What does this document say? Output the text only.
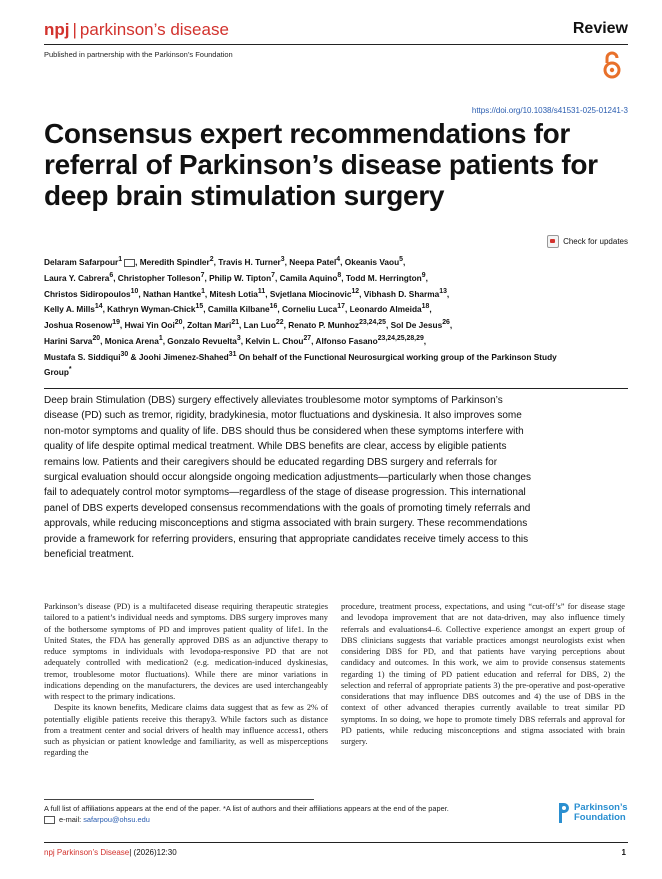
npj | parkinson’s disease	Review
Published in partnership with the Parkinson’s Foundation
https://doi.org/10.1038/s41531-025-01241-3
Consensus expert recommendations for referral of Parkinson’s disease patients for deep brain stimulation surgery
Check for updates
Delaram Safarpour$^1$ , Meredith Spindler$^2$, Travis H. Turner$^3$, Neepa Patel$^4$, Okeanis Vaou$^5$,
Laura Y. Cabrera$^6$, Christopher Tolleson$^7$, Philip W. Tipton$^7$, Camila Aquino$^8$, Todd M. Herrington$^9$,
Christos Sidiropoulos$^{10}$, Nathan Hantke$^1$, Mitesh Lotia$^{11}$, Svjetlana Miocinovic$^{12}$, Vibhash D. Sharma$^{13}$,
Kelly A. Mills$^{14}$, Kathryn Wyman-Chick$^{15}$, Camilla Kilbane$^{16}$, Corneliu Luca$^{17}$, Leonardo Almeida$^{18}$,
Joshua Rosenow$^{19}$, Hwai Yin Ooi$^{20}$, Zoltan Mari$^{21}$, Lan Luo$^{22}$, Renato P. Munhoz$^{23,24,25}$, Sol De Jesus$^{26}$,
Harini Sarva$^{20}$, Monica Arena$^1$, Gonzalo Revuelta$^3$, Kelvin L. Chou$^{27}$, Alfonso Fasano$^{23,24,25,28,29}$,
Mustafa S. Siddiqui$^{30}$ & Joohi Jimenez-Shahed$^{31}$ On behalf of the Functional Neurosurgical working group of the Parkinson Study Group*
Deep brain Stimulation (DBS) surgery effectively alleviates troublesome motor symptoms of Parkinson’s disease (PD) such as tremor, rigidity, bradykinesia, motor fluctuations and dyskinesia. It also improves some non-motor symptoms and quality of life. DBS should thus be considered when these symptoms interfere with quality of life despite optimal medical treatment. While DBS benefits are clear, access by eligible patients remains low. Patients and their caregivers should be educated regarding DBS surgery and referrals for surgical evaluation should occur alongside ongoing medication adjustments—particularly when those changes fail to adequately control motor symptoms—regardless of the stage of disease progression. This international panel of DBS experts developed consensus recommendations with the goals of promoting timely referrals and approvals, while reducing misconceptions and stigma associated with brain surgery. These recommendations provide a framework for referring providers, ensuring that appropriate candidates receive timely access to this beneficial treatment.

Parkinson’s disease (PD) is a multifaceted disease requiring therapeutic strategies tailored to a patient’s individual needs and symptoms. DBS surgery improves many of the bothersome symptoms of PD and improves patient quality of life1. In the United States, the FDA has generally approved DBS as an adjunctive therapy to reduce symptoms in individuals with levodopa-responsive PD that are not adequately controlled with medication2 (e.g. medication-induced dyskinesias, tremor, troublesome motor fluctuations). While there are minor variations in indications depending on the manufacturers, the devices are used interchangeably with respect to the primary indications.

Despite its known benefits, Medicare claims data suggest that as few as 2% of potentially eligible patients receive this therapy3. While factors such as distance from a treatment center and social drivers of health may influence access1, others such as physician or patient knowledge and familiarity, as well as misperceptions regarding the

procedure, treatment process, expectations, and using “cut-off’s” for disease stage and levodopa improvement that are not data-driven, may also influence timely referrals and evaluations4–6. Collective experience amongst an expert group of DBS clinicians suggests that variable practices amongst neurologists exist when considering DBS for PD, and that patients have varying perceptions about candidacy and outcomes. In this work, we aim to provide consensus statements regarding 1) the timing of PD patient education and referral for DBS, 2) the selection and referral of appropriate patients 3) the pre-operative and post-operative considerations that may influence DBS outcomes and 4) the use of DBS in the context of other advanced therapies currently available to treat similar PD symptoms. In so doing, we hope to promote timely DBS referrals and approval for PD patients, while reducing misconceptions and stigma associated with brain surgery.

A full list of affiliations appears at the end of the paper. *A list of authors and their affiliations appears at the end of the paper.
e-mail: safarpou@ohsu.edu
Parkinson’s
Foundation
npj Parkinson’s Disease| (2026)12:30	1
